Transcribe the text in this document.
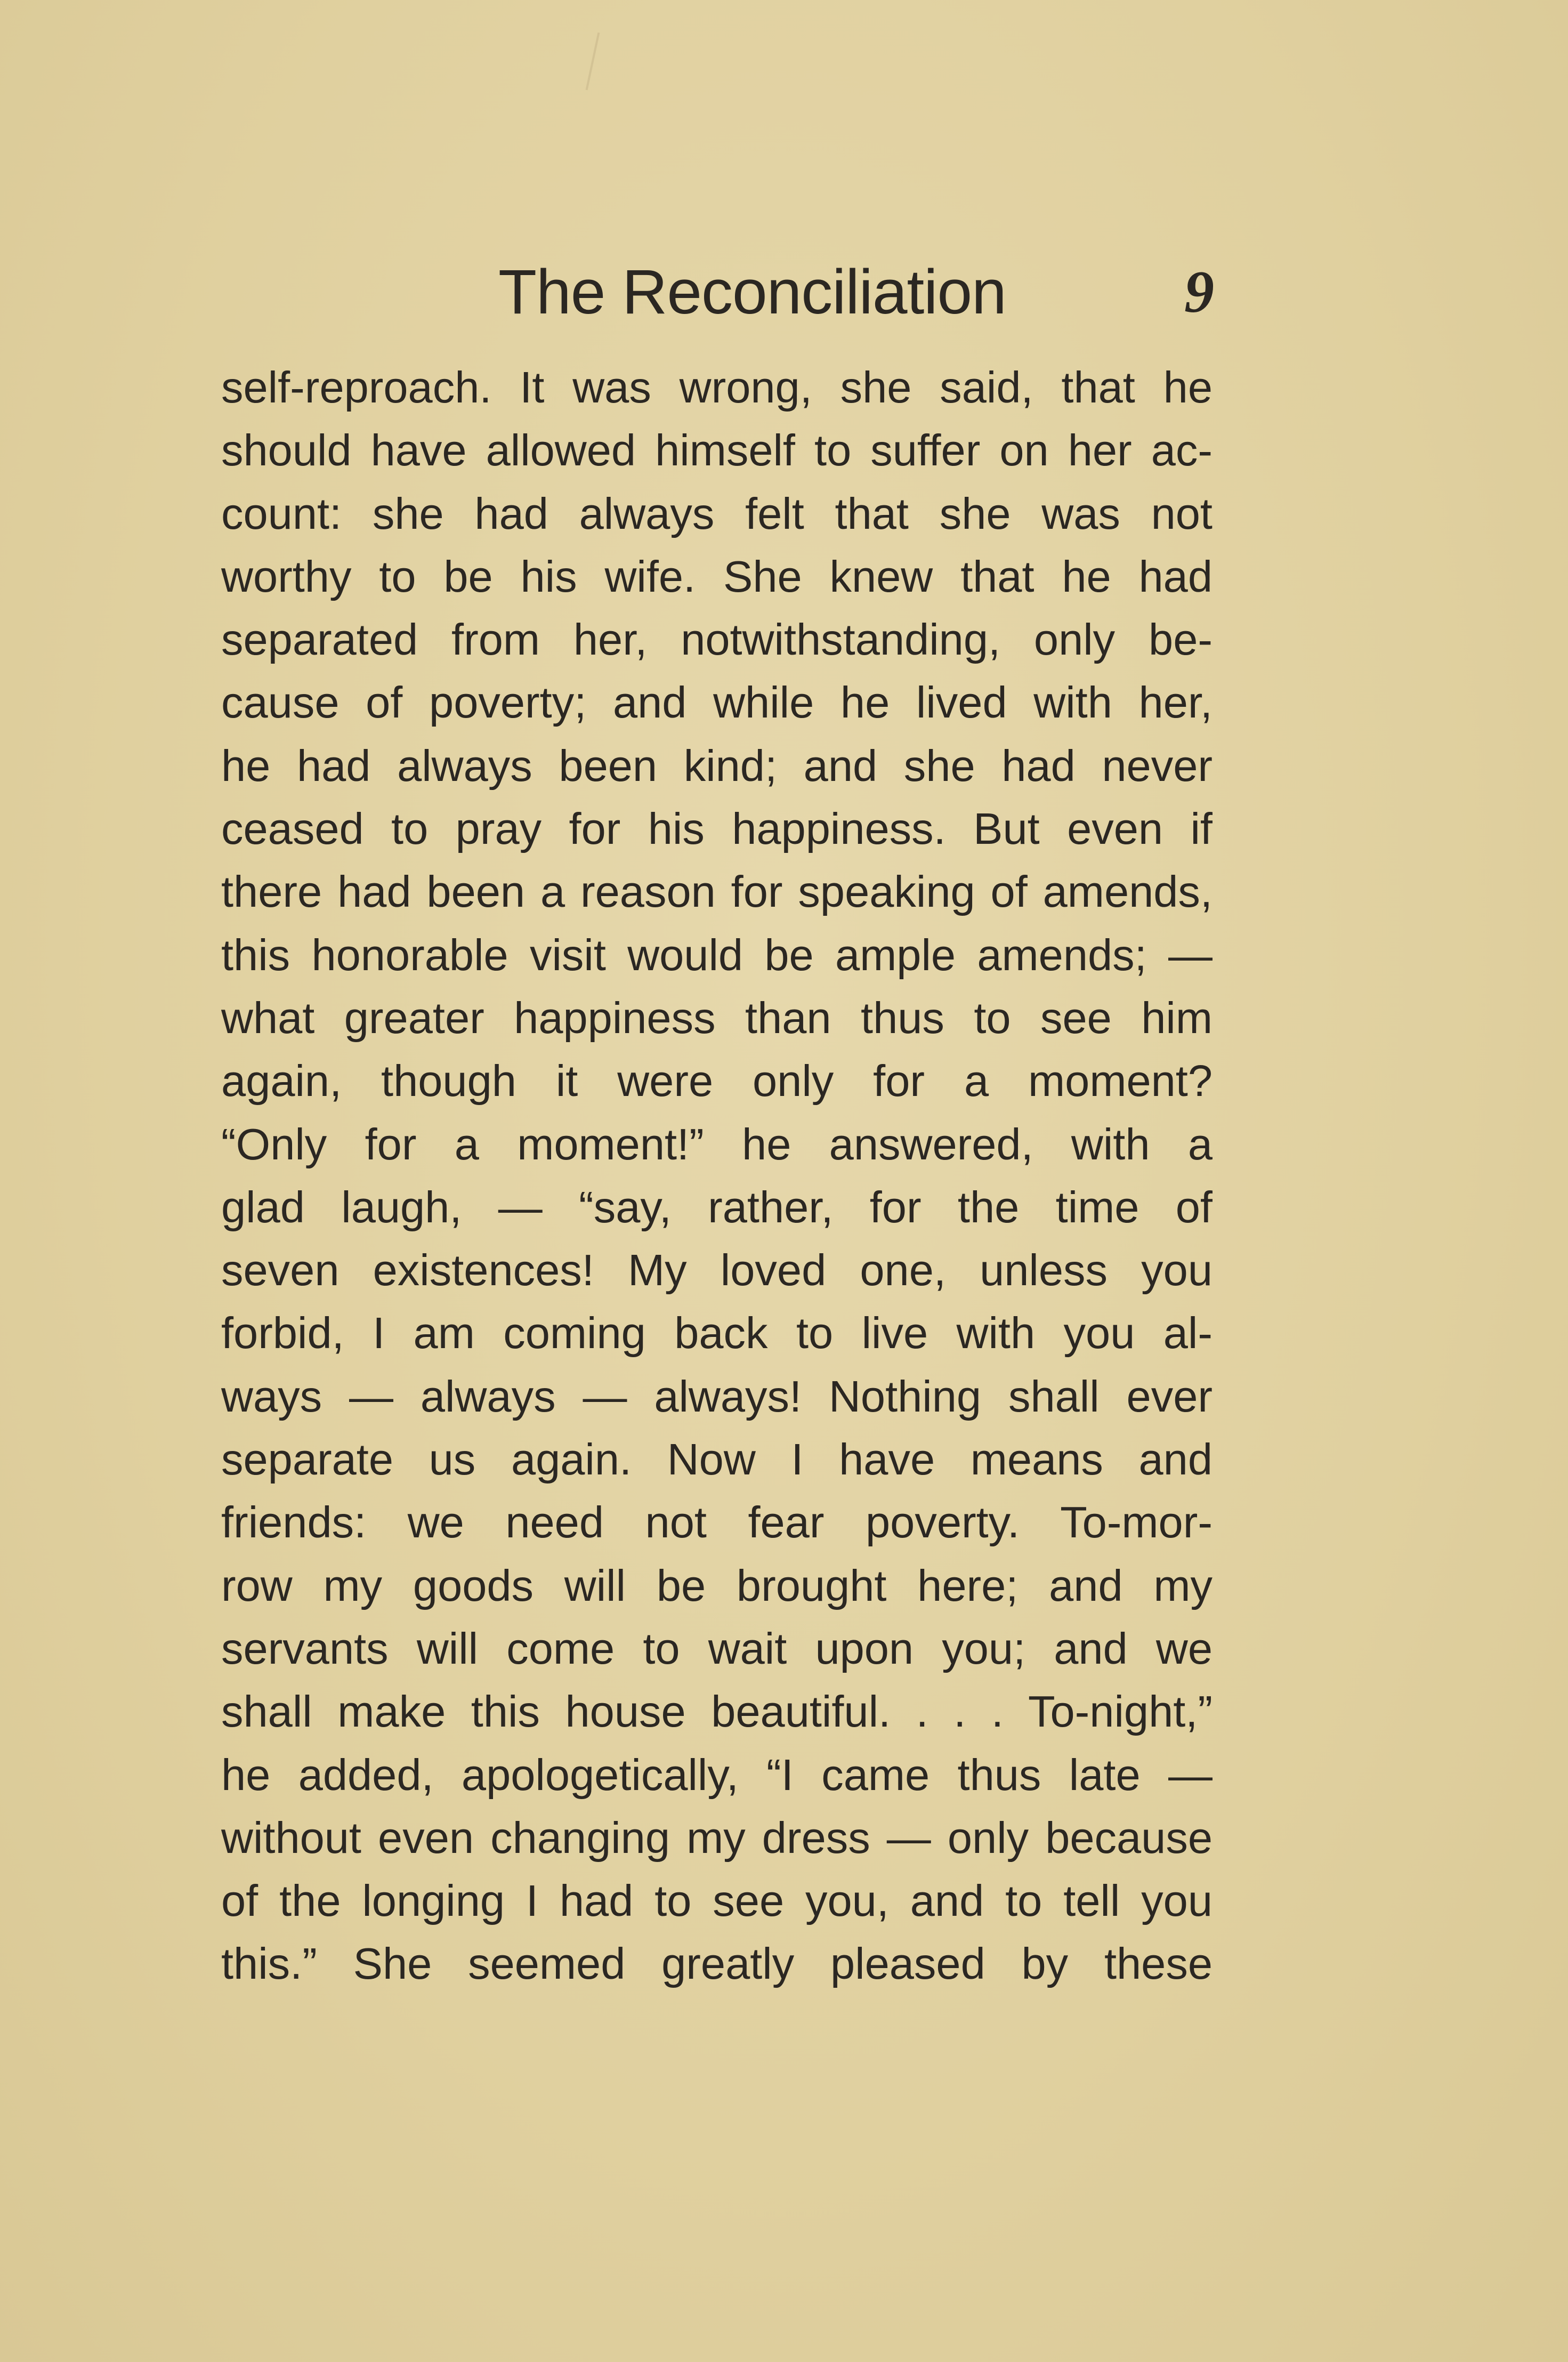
The Reconciliation	9
self-reproach. It was wrong, she said, that he
should have allowed himself to suffer on her ac-
count: she had always felt that she was not
worthy to be his wife. She knew that he had
separated from her, notwithstanding, only be-
cause of poverty; and while he lived with her,
he had always been kind; and she had never
ceased to pray for his happiness. But even if
there had been a reason for speaking of amends,
this honorable visit would be ample amends; —
what greater happiness than thus to see him
again, though it were only for a moment?
“Only for a moment!” he answered, with a
glad laugh, — “say, rather, for the time of
seven existences! My loved one, unless you
forbid, I am coming back to live with you al-
ways — always — always! Nothing shall ever
separate us again. Now I have means and
friends: we need not fear poverty. To-mor-
row my goods will be brought here; and my
servants will come to wait upon you; and we
shall make this house beautiful. . . . To-night,”
he added, apologetically, “I came thus late —
without even changing my dress — only because
of the longing I had to see you, and to tell you
this.” She seemed greatly pleased by these
